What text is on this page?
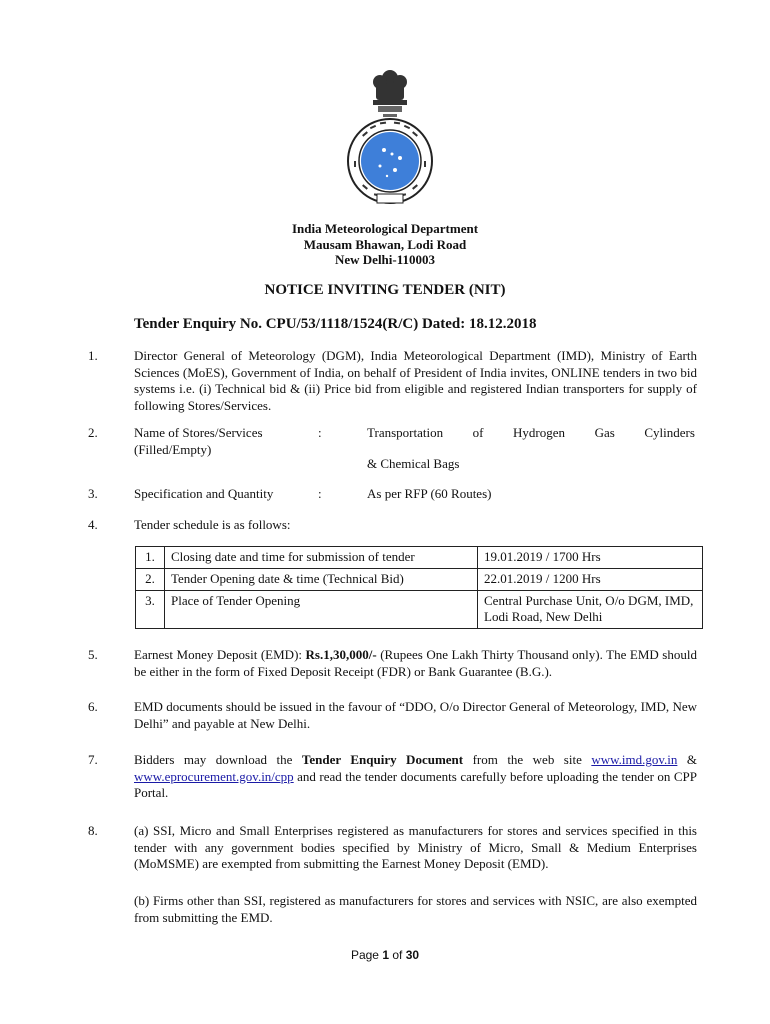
India Meteorological Department
Mausam Bhawan, Lodi Road
New Delhi-110003
NOTICE INVITING TENDER (NIT)
Tender Enquiry No. CPU/53/1118/1524(R/C) Dated: 18.12.2018
1.	Director General of Meteorology (DGM), India Meteorological Department (IMD), Ministry of Earth Sciences (MoES), Government of India, on behalf of President of India invites, ONLINE tenders in two bid systems i.e. (i) Technical bid & (ii) Price bid from eligible and registered Indian transporters for supply of following Stores/Services.
2.	Name of Stores/Services (Filled/Empty)
:	Transportation of Hydrogen Gas Cylinders
& Chemical Bags
3.	Specification and Quantity	:	As per RFP (60 Routes)
4.	Tender schedule is as follows:
1.	Closing date and time for submission of tender	19.01.2019 / 1700 Hrs
2.	Tender Opening date & time (Technical Bid)	22.01.2019 / 1200 Hrs
3.	Place of Tender Opening	Central Purchase Unit, O/o DGM, IMD, Lodi Road, New Delhi
5.	Earnest Money Deposit (EMD): Rs.1,30,000/- (Rupees One Lakh Thirty Thousand only). The EMD should be either in the form of Fixed Deposit Receipt (FDR) or Bank Guarantee (B.G.).
6.	EMD documents should be issued in the favour of “DDO, O/o Director General of Meteorology, IMD, New Delhi” and payable at New Delhi.
7.	Bidders may download the Tender Enquiry Document from the web site www.imd.gov.in & www.eprocurement.gov.in/cpp and read the tender documents carefully before uploading the tender on CPP Portal.
8.	(a) SSI, Micro and Small Enterprises registered as manufacturers for stores and services specified in this tender with any government bodies specified by Ministry of Micro, Small & Medium Enterprises (MoMSME) are exempted from submitting the Earnest Money Deposit (EMD).
(b) Firms other than SSI, registered as manufacturers for stores and services with NSIC, are also exempted from submitting the EMD.
Page 1 of 30
